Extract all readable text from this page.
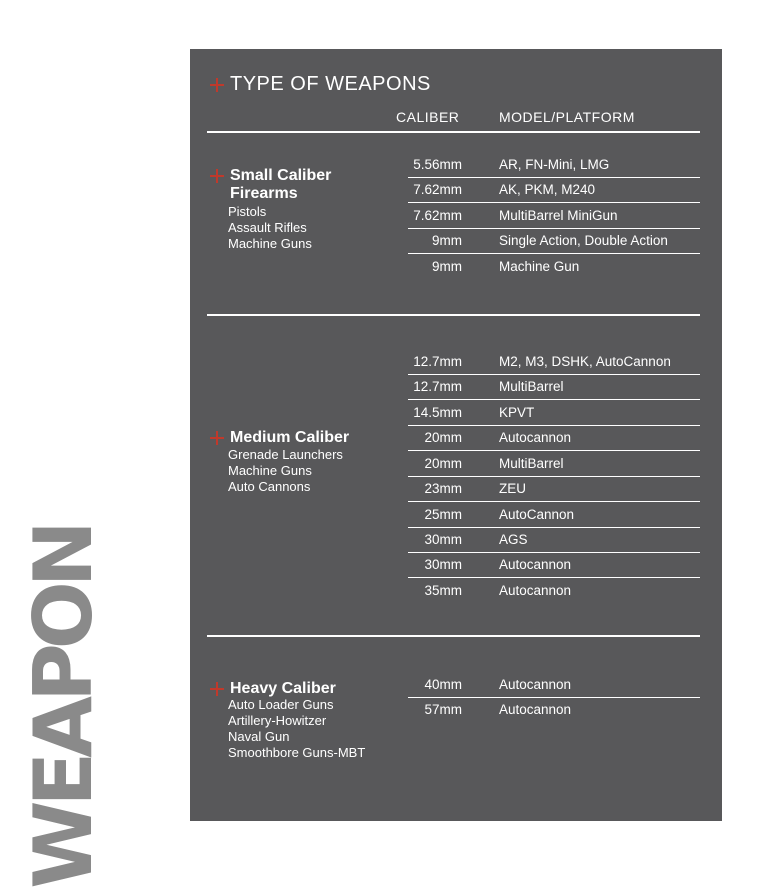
WEAPON
TYPE OF WEAPONS
CALIBER	MODEL/PLATFORM
Small Caliber
Firearms
Pistols
Assault Rifles
Machine Guns
5.56mm	AR, FN-Mini, LMG
7.62mm	AK, PKM, M240
7.62mm	MultiBarrel MiniGun
9mm	Single Action, Double Action
9mm	Machine Gun
Medium Caliber
Grenade Launchers
Machine Guns
Auto Cannons
12.7mm	M2, M3, DSHK, AutoCannon
12.7mm	MultiBarrel
14.5mm	KPVT
20mm	Autocannon
20mm	MultiBarrel
23mm	ZEU
25mm	AutoCannon
30mm	AGS
30mm	Autocannon
35mm	Autocannon
Heavy Caliber
Auto Loader Guns
Artillery-Howitzer
Naval Gun
Smoothbore Guns-MBT
40mm	Autocannon
57mm	Autocannon
